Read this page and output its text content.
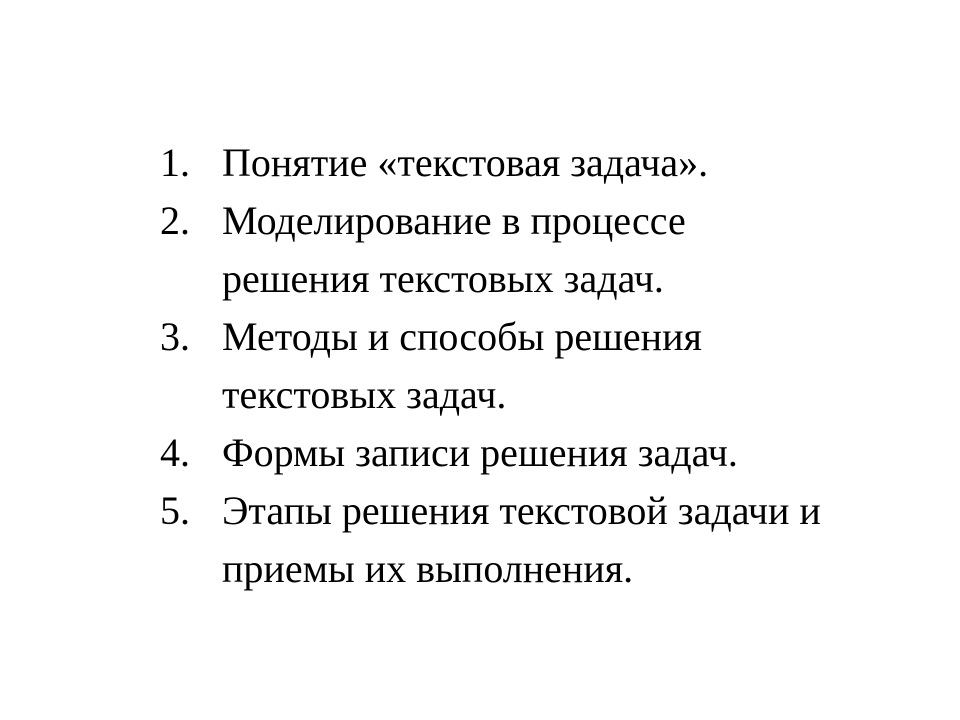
1. Понятие «текстовая задача».
2. Моделирование в процессе
решения текстовых задач.
3. Методы и способы решения
текстовых задач.
4. Формы записи решения задач.
5. Этапы решения текстовой задачи и
приемы их выполнения.
